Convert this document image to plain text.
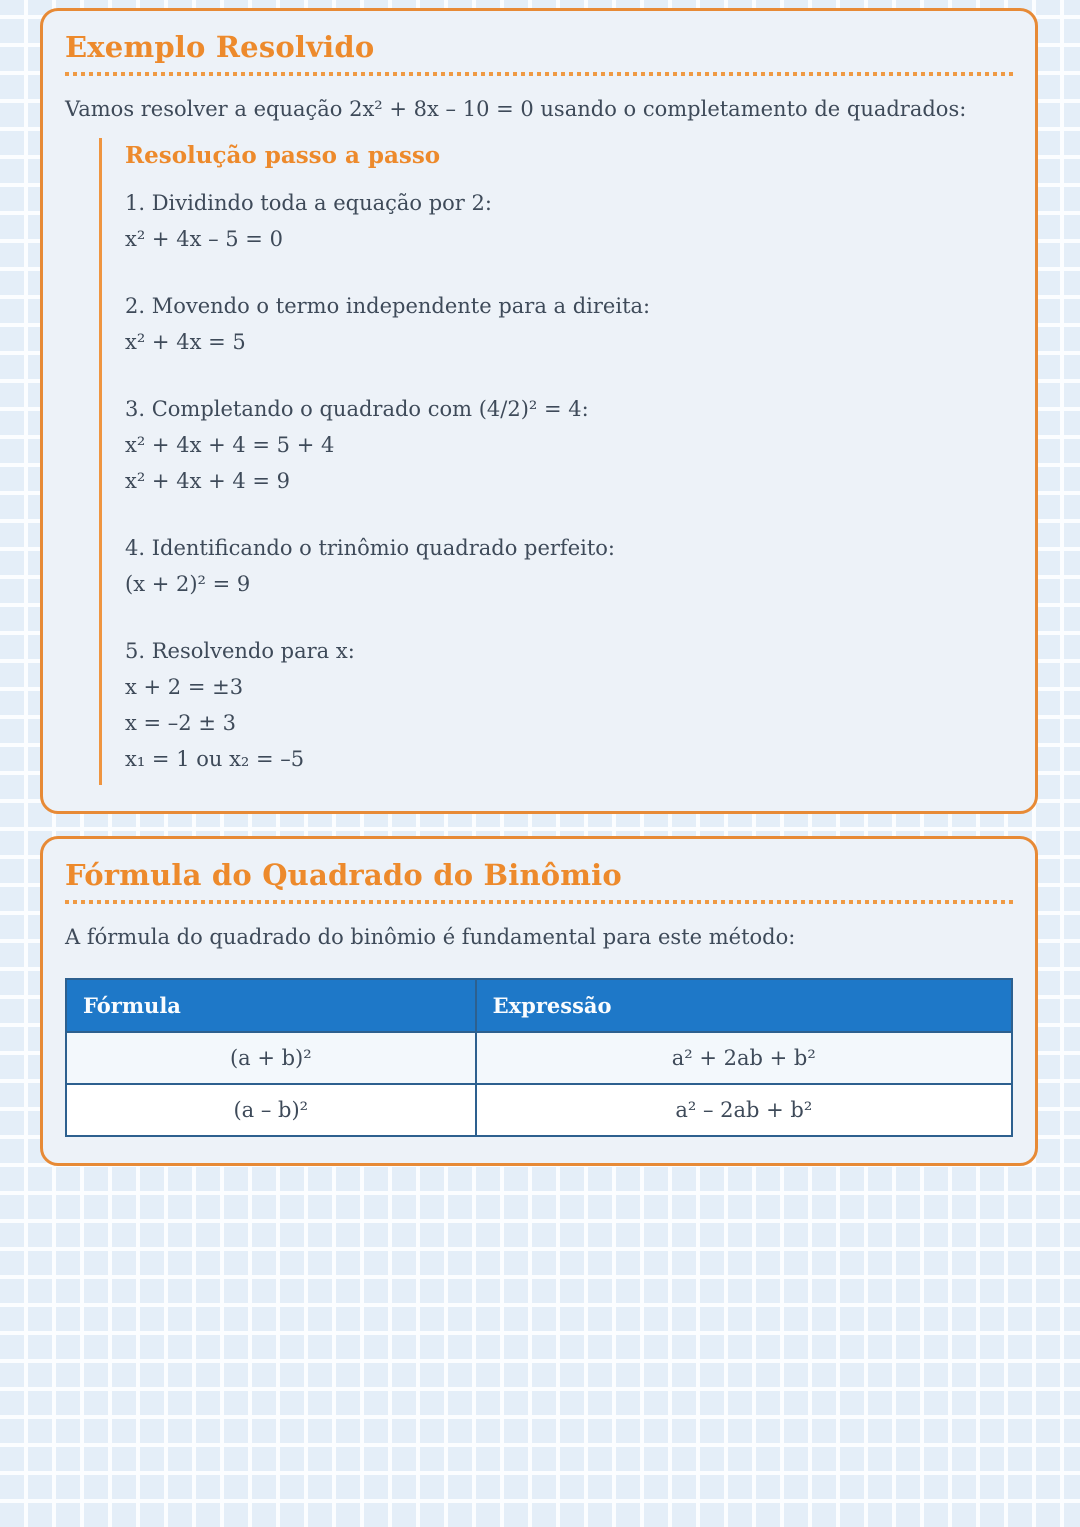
Exemplo Resolvido

Vamos resolver a equação 2x² + 8x – 10 = 0 usando o completamento de quadrados:

Resolução passo a passo

1. Dividindo toda a equação por 2:

x² + 4x – 5 = 0

2. Movendo o termo independente para a direita:

x² + 4x = 5

3. Completando o quadrado com (4/2)² = 4:

x² + 4x + 4 = 5 + 4

x² + 4x + 4 = 9

4. Identificando o trinômio quadrado perfeito:

(x + 2)² = 9

5. Resolvendo para x:

x + 2 = ±3

x = –2 ± 3

x₁ = 1 ou x₂ = –5

Fórmula do Quadrado do Binômio

A fórmula do quadrado do binômio é fundamental para este método:

Fórmula	Expressão
(a + b)²	a² + 2ab + b²
(a – b)²	a² – 2ab + b²
